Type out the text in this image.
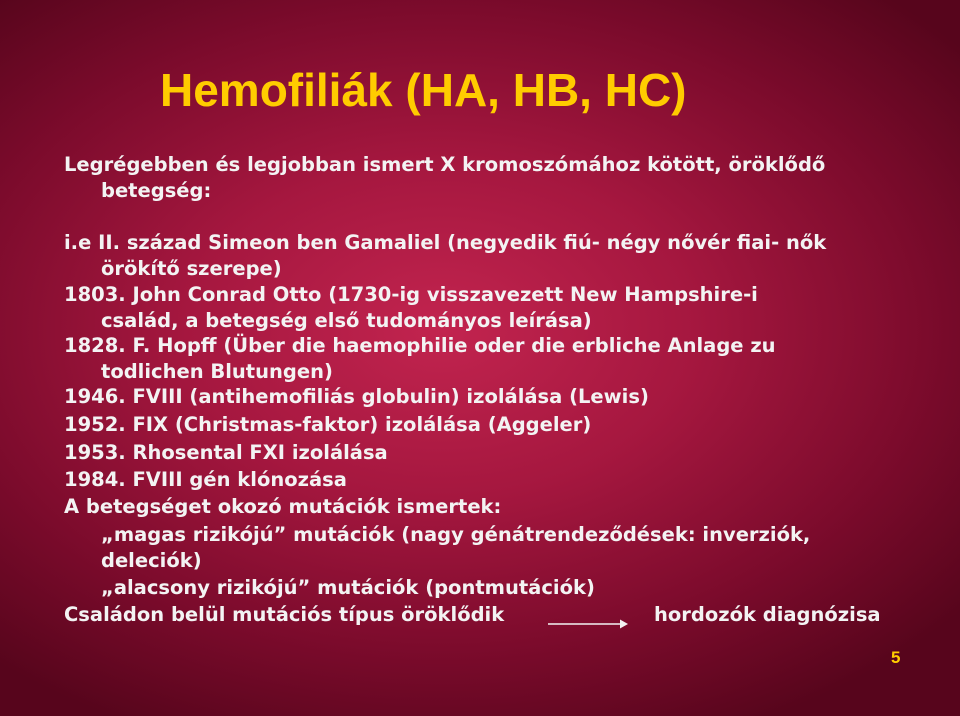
Hemofiliák (HA, HB, HC)
Legrégebben és legjobban ismert X kromoszómához kötött, öröklődő
betegség:
i.e II. század Simeon ben Gamaliel (negyedik fiú- négy nővér fiai- nők
örökítő szerepe)
1803. John Conrad Otto (1730-ig visszavezett New Hampshire-i
család, a betegség első tudományos leírása)
1828. F. Hopff (Über die haemophilie oder die erbliche Anlage zu
todlichen Blutungen)
1946. FVIII (antihemofiliás globulin) izolálása (Lewis)
1952. FIX (Christmas-faktor) izolálása (Aggeler)
1953. Rhosental FXI izolálása
1984. FVIII gén klónozása
A betegséget okozó mutációk ismertek:
„magas rizikójú” mutációk (nagy génátrendeződések: inverziók,
deleciók)
„alacsony rizikójú” mutációk (pontmutációk)
Családon belül mutációs típus öröklődik	hordozók diagnózisa
5
